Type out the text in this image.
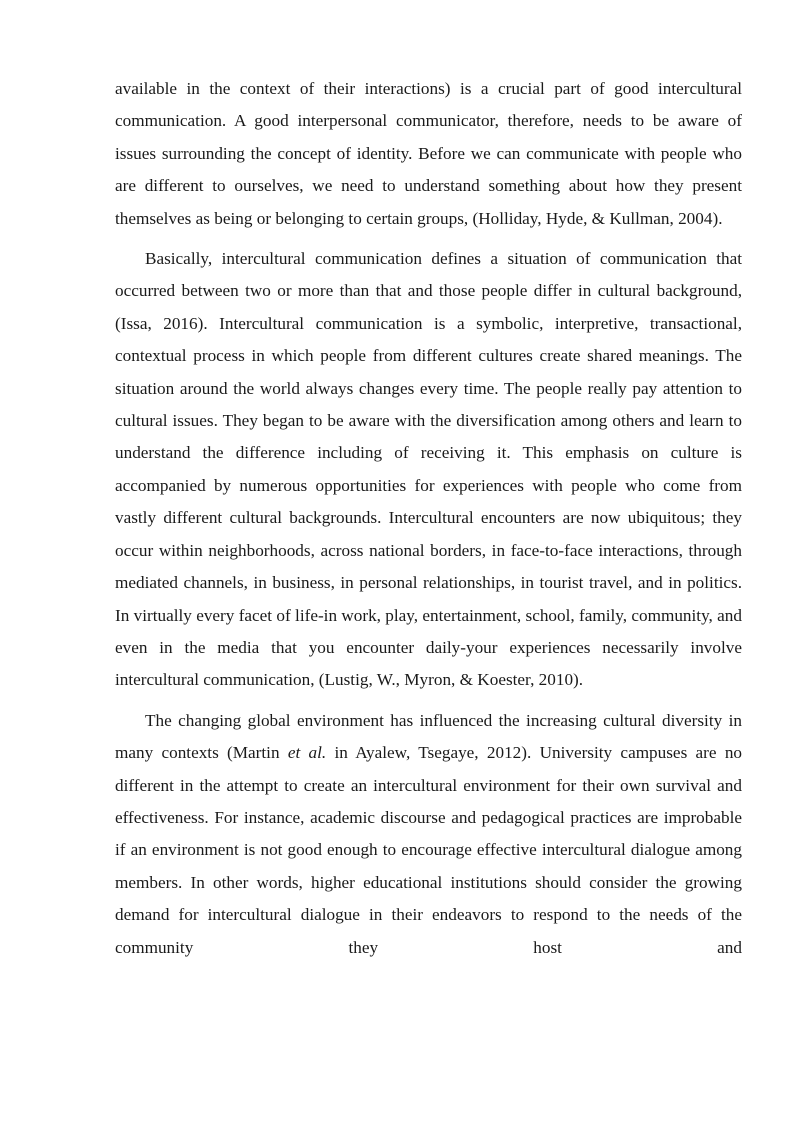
available in the context of their interactions) is a crucial part of good intercultural communication. A good interpersonal communicator, therefore, needs to be aware of issues surrounding the concept of identity. Before we can communicate with people who are different to ourselves, we need to understand something about how they present themselves as being or belonging to certain groups, (Holliday, Hyde, & Kullman, 2004).

Basically, intercultural communication defines a situation of communication that occurred between two or more than that and those people differ in cultural background, (Issa, 2016). Intercultural communication is a symbolic, interpretive, transactional, contextual process in which people from different cultures create shared meanings. The situation around the world always changes every time. The people really pay attention to cultural issues. They began to be aware with the diversification among others and learn to understand the difference including of receiving it. This emphasis on culture is accompanied by numerous opportunities for experiences with people who come from vastly different cultural backgrounds. Intercultural encounters are now ubiquitous; they occur within neighborhoods, across national borders, in face-to-face interactions, through mediated channels, in business, in personal relationships, in tourist travel, and in politics. In virtually every facet of life-in work, play, entertainment, school, family, community, and even in the media that you encounter daily-your experiences necessarily involve intercultural communication, (Lustig, W., Myron, & Koester, 2010).

The changing global environment has influenced the increasing cultural diversity in many contexts (Martin et al. in Ayalew, Tsegaye, 2012). University campuses are no different in the attempt to create an intercultural environment for their own survival and effectiveness. For instance, academic discourse and pedagogical practices are improbable if an environment is not good enough to encourage effective intercultural dialogue among members. In other words, higher educational institutions should consider the growing demand for intercultural dialogue in their endeavors to respond to the needs of the community they host and
